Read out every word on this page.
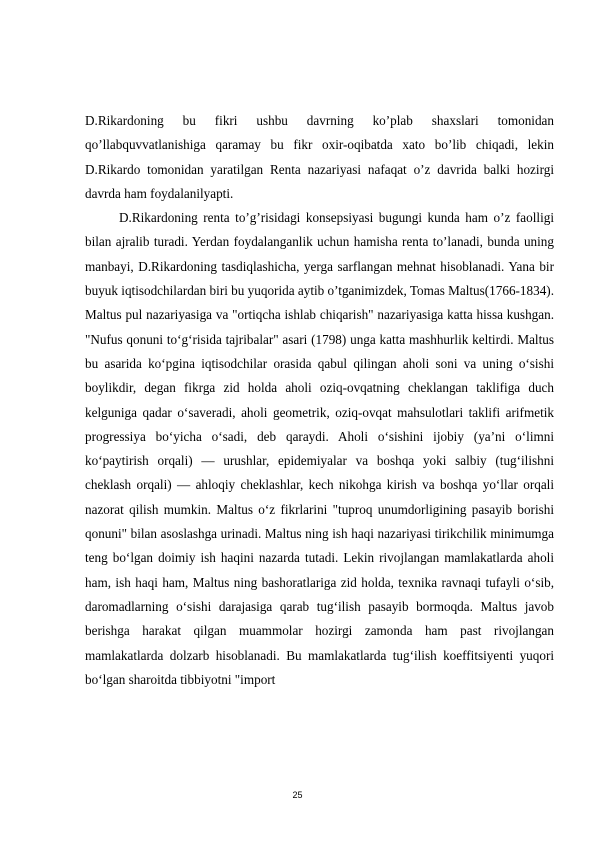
D.Rikardoning bu fikri ushbu davrning ko’plab shaxslari tomonidan qo’llabquvvatlanishiga qaramay bu fikr oxir-oqibatda xato bo’lib chiqadi, lekin D.Rikardo tomonidan yaratilgan Renta nazariyasi nafaqat o’z davrida balki hozirgi davrda ham foydalanilyapti.

D.Rikardoning renta to’g’risidagi konsepsiyasi bugungi kunda ham o’z faolligi bilan ajralib turadi. Yerdan foydalanganlik uchun hamisha renta to’lanadi, bunda uning manbayi, D.Rikardoning tasdiqlashicha, yerga sarflangan mehnat hisoblanadi. Yana bir buyuk iqtisodchilardan biri bu yuqorida aytib o’tganimizdek, Tomas Maltus(1766-1834). Maltus pul nazariyasiga va "ortiqcha ishlab chiqarish" nazariyasiga katta hissa kushgan. "Nufus qonuni to‘g‘risida tajribalar" asari (1798) unga katta mashhurlik keltirdi. Maltus bu asarida ko‘pgina iqtisodchilar orasida qabul qilingan aholi soni va uning o‘sishi boylikdir, degan fikrga zid holda aholi oziq-ovqatning cheklangan taklifiga duch kelguniga qadar o‘saveradi, aholi geometrik, oziq-ovqat mahsulotlari taklifi arifmetik progressiya bo‘yicha o‘sadi, deb qaraydi. Aholi o‘sishini ijobiy (ya’ni o‘limni ko‘paytirish orqali) — urushlar, epidemiyalar va boshqa yoki salbiy (tug‘ilishni cheklash orqali) — ahloqiy cheklashlar, kech nikohga kirish va boshqa yo‘llar orqali nazorat qilish mumkin. Maltus o‘z fikrlarini "tuproq unumdorligining pasayib borishi qonuni" bilan asoslashga urinadi. Maltus ning ish haqi nazariyasi tirikchilik minimumga teng bo‘lgan doimiy ish haqini nazarda tutadi. Lekin rivojlangan mamlakatlarda aholi ham, ish haqi ham, Maltus ning bashoratlariga zid holda, texnika ravnaqi tufayli o‘sib, daromadlarning o‘sishi darajasiga qarab tug‘ilish pasayib bormoqda. Maltus javob berishga harakat qilgan muammolar hozirgi zamonda ham past rivojlangan mamlakatlarda dolzarb hisoblanadi. Bu mamlakatlarda tug‘ilish koeffitsiyenti yuqori bo‘lgan sharoitda tibbiyotni "import

25
